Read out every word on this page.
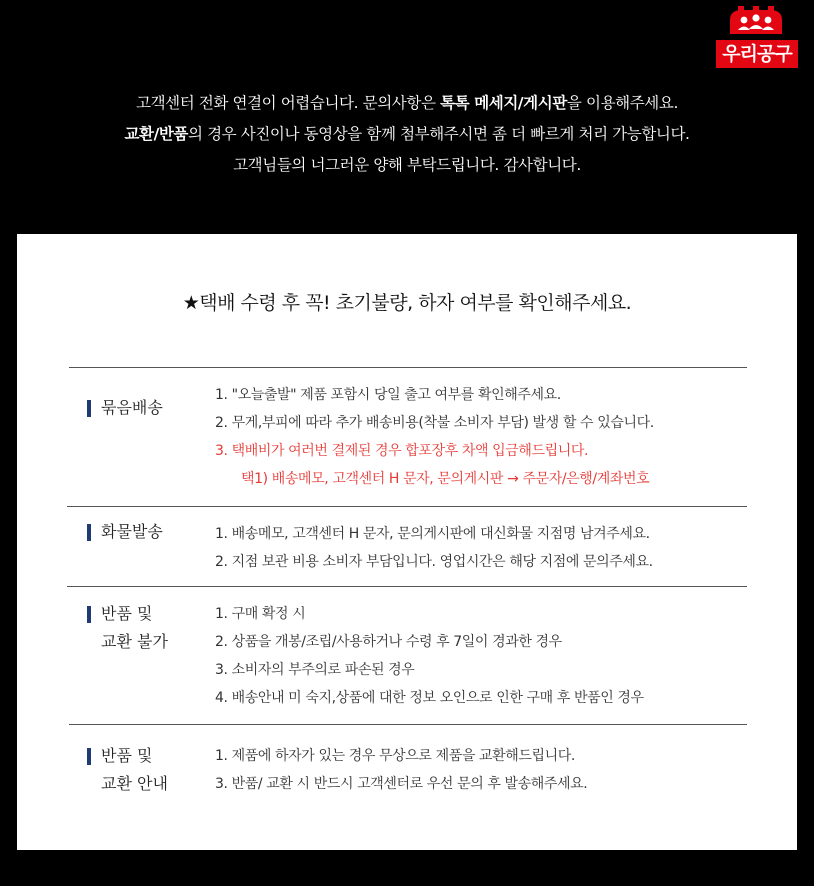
우리공구
고객센터 전화 연결이 어렵습니다. 문의사항은 톡톡 메세지/게시판을 이용해주세요.
교환/반품의 경우 사진이나 동영상을 함께 첨부해주시면 좀 더 빠르게 처리 가능합니다.
고객님들의 너그러운 양해 부탁드립니다. 감사합니다.
★택배 수령 후 꼭! 초기불량, 하자 여부를 확인해주세요.
묶음배송
1. "오늘출발" 제품 포함시 당일 출고 여부를 확인해주세요.
2. 무게,부피에 따라 추가 배송비용(착불 소비자 부담) 발생 할 수 있습니다.
3. 택배비가 여러번 결제된 경우 합포장후 차액 입금해드립니다.
택1) 배송메모, 고객센터 H 문자, 문의게시판 → 주문자/은행/계좌번호
화물발송	1. 배송메모, 고객센터 H 문자, 문의게시판에 대신화물 지점명 남겨주세요.
2. 지점 보관 비용 소비자 부담입니다. 영업시간은 해당 지점에 문의주세요.
반품 및
교환 불가
1. 구매 확정 시
2. 상품을 개봉/조립/사용하거나 수령 후 7일이 경과한 경우
3. 소비자의 부주의로 파손된 경우
4. 배송안내 미 숙지,상품에 대한 정보 오인으로 인한 구매 후 반품인 경우
반품 및
교환 안내
1. 제품에 하자가 있는 경우 무상으로 제품을 교환해드립니다.
3. 반품/ 교환 시 반드시 고객센터로 우선 문의 후 발송해주세요.
